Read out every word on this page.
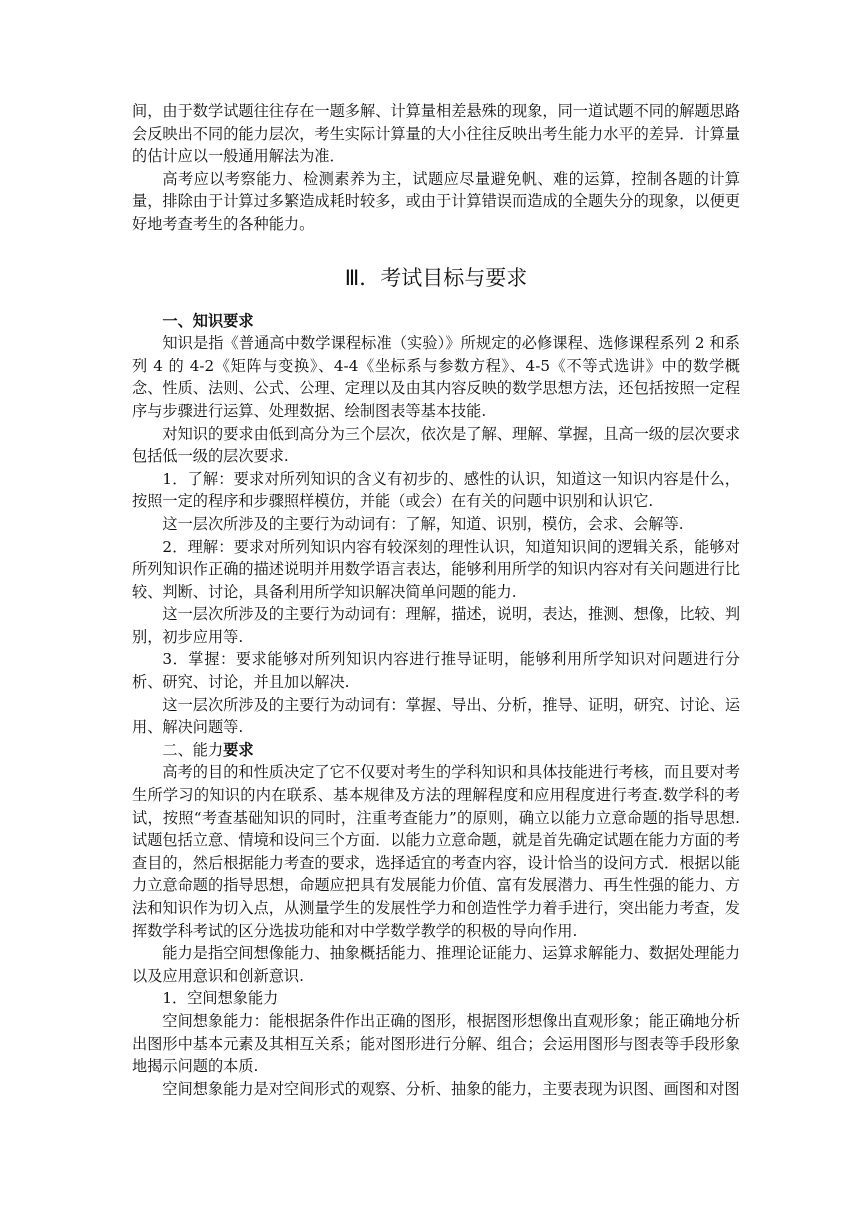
间，由于数学试题往往存在一题多解、计算量相差悬殊的现象，同一道试题不同的解题思路会反映出不同的能力层次，考生实际计算量的大小往往反映出考生能力水平的差异．计算量的估计应以一般通用解法为准．

高考应以考察能力、检测素养为主，试题应尽量避免帆、难的运算，控制各题的计算量，排除由于计算过多繁造成耗时较多，或由于计算错误而造成的全题失分的现象，以便更好地考查考生的各种能力。

Ⅲ．考试目标与要求

一、知识要求

知识是指《普通高中数学课程标准（实验）》所规定的必修课程、选修课程系列 2 和系列 4 的 4-2《矩阵与变换》、4-4《坐标系与参数方程》、4-5《不等式选讲》中的数学概念、性质、法则、公式、公理、定理以及由其内容反映的数学思想方法，还包括按照一定程序与步骤进行运算、处理数据、绘制图表等基本技能.

对知识的要求由低到高分为三个层次，依次是了解、理解、掌握，且高一级的层次要求包括低一级的层次要求.

1．了解：要求对所列知识的含义有初步的、感性的认识，知道这一知识内容是什么，按照一定的程序和步骤照样模仿，并能（或会）在有关的问题中识别和认识它.

这一层次所涉及的主要行为动词有：了解，知道、识别，模仿，会求、会解等.

2．理解：要求对所列知识内容有较深刻的理性认识，知道知识间的逻辑关系，能够对所列知识作正确的描述说明并用数学语言表达，能够利用所学的知识内容对有关问题进行比较、判断、讨论，具备利用所学知识解决简单问题的能力.

这一层次所涉及的主要行为动词有：理解，描述，说明，表达，推测、想像，比较、判别，初步应用等.

3．掌握：要求能够对所列知识内容进行推导证明，能够利用所学知识对问题进行分析、研究、讨论，并且加以解决.

这一层次所涉及的主要行为动词有：掌握、导出、分析，推导、证明，研究、讨论、运用、解决问题等.

二、能力要求

高考的目的和性质决定了它不仅要对考生的学科知识和具体技能进行考核，而且要对考生所学习的知识的内在联系、基本规律及方法的理解程度和应用程度进行考查.数学科的考试，按照“考查基础知识的同时，注重考查能力”的原则，确立以能力立意命题的指导思想.试题包括立意、情境和设问三个方面．以能力立意命题，就是首先确定试题在能力方面的考查目的，然后根据能力考查的要求，选择适宜的考查内容，设计恰当的设问方式．根据以能力立意命题的指导思想，命题应把具有发展能力价值、富有发展潜力、再生性强的能力、方法和知识作为切入点，从测量学生的发展性学力和创造性学力着手进行，突出能力考查，发挥数学科考试的区分选拔功能和对中学数学教学的积极的导向作用.

能力是指空间想像能力、抽象概括能力、推理论证能力、运算求解能力、数据处理能力以及应用意识和创新意识.

1．空间想象能力

空间想象能力：能根据条件作出正确的图形，根据图形想像出直观形象；能正确地分析出图形中基本元素及其相互关系；能对图形进行分解、组合；会运用图形与图表等手段形象地揭示问题的本质.

空间想象能力是对空间形式的观察、分析、抽象的能力，主要表现为识图、画图和对图
